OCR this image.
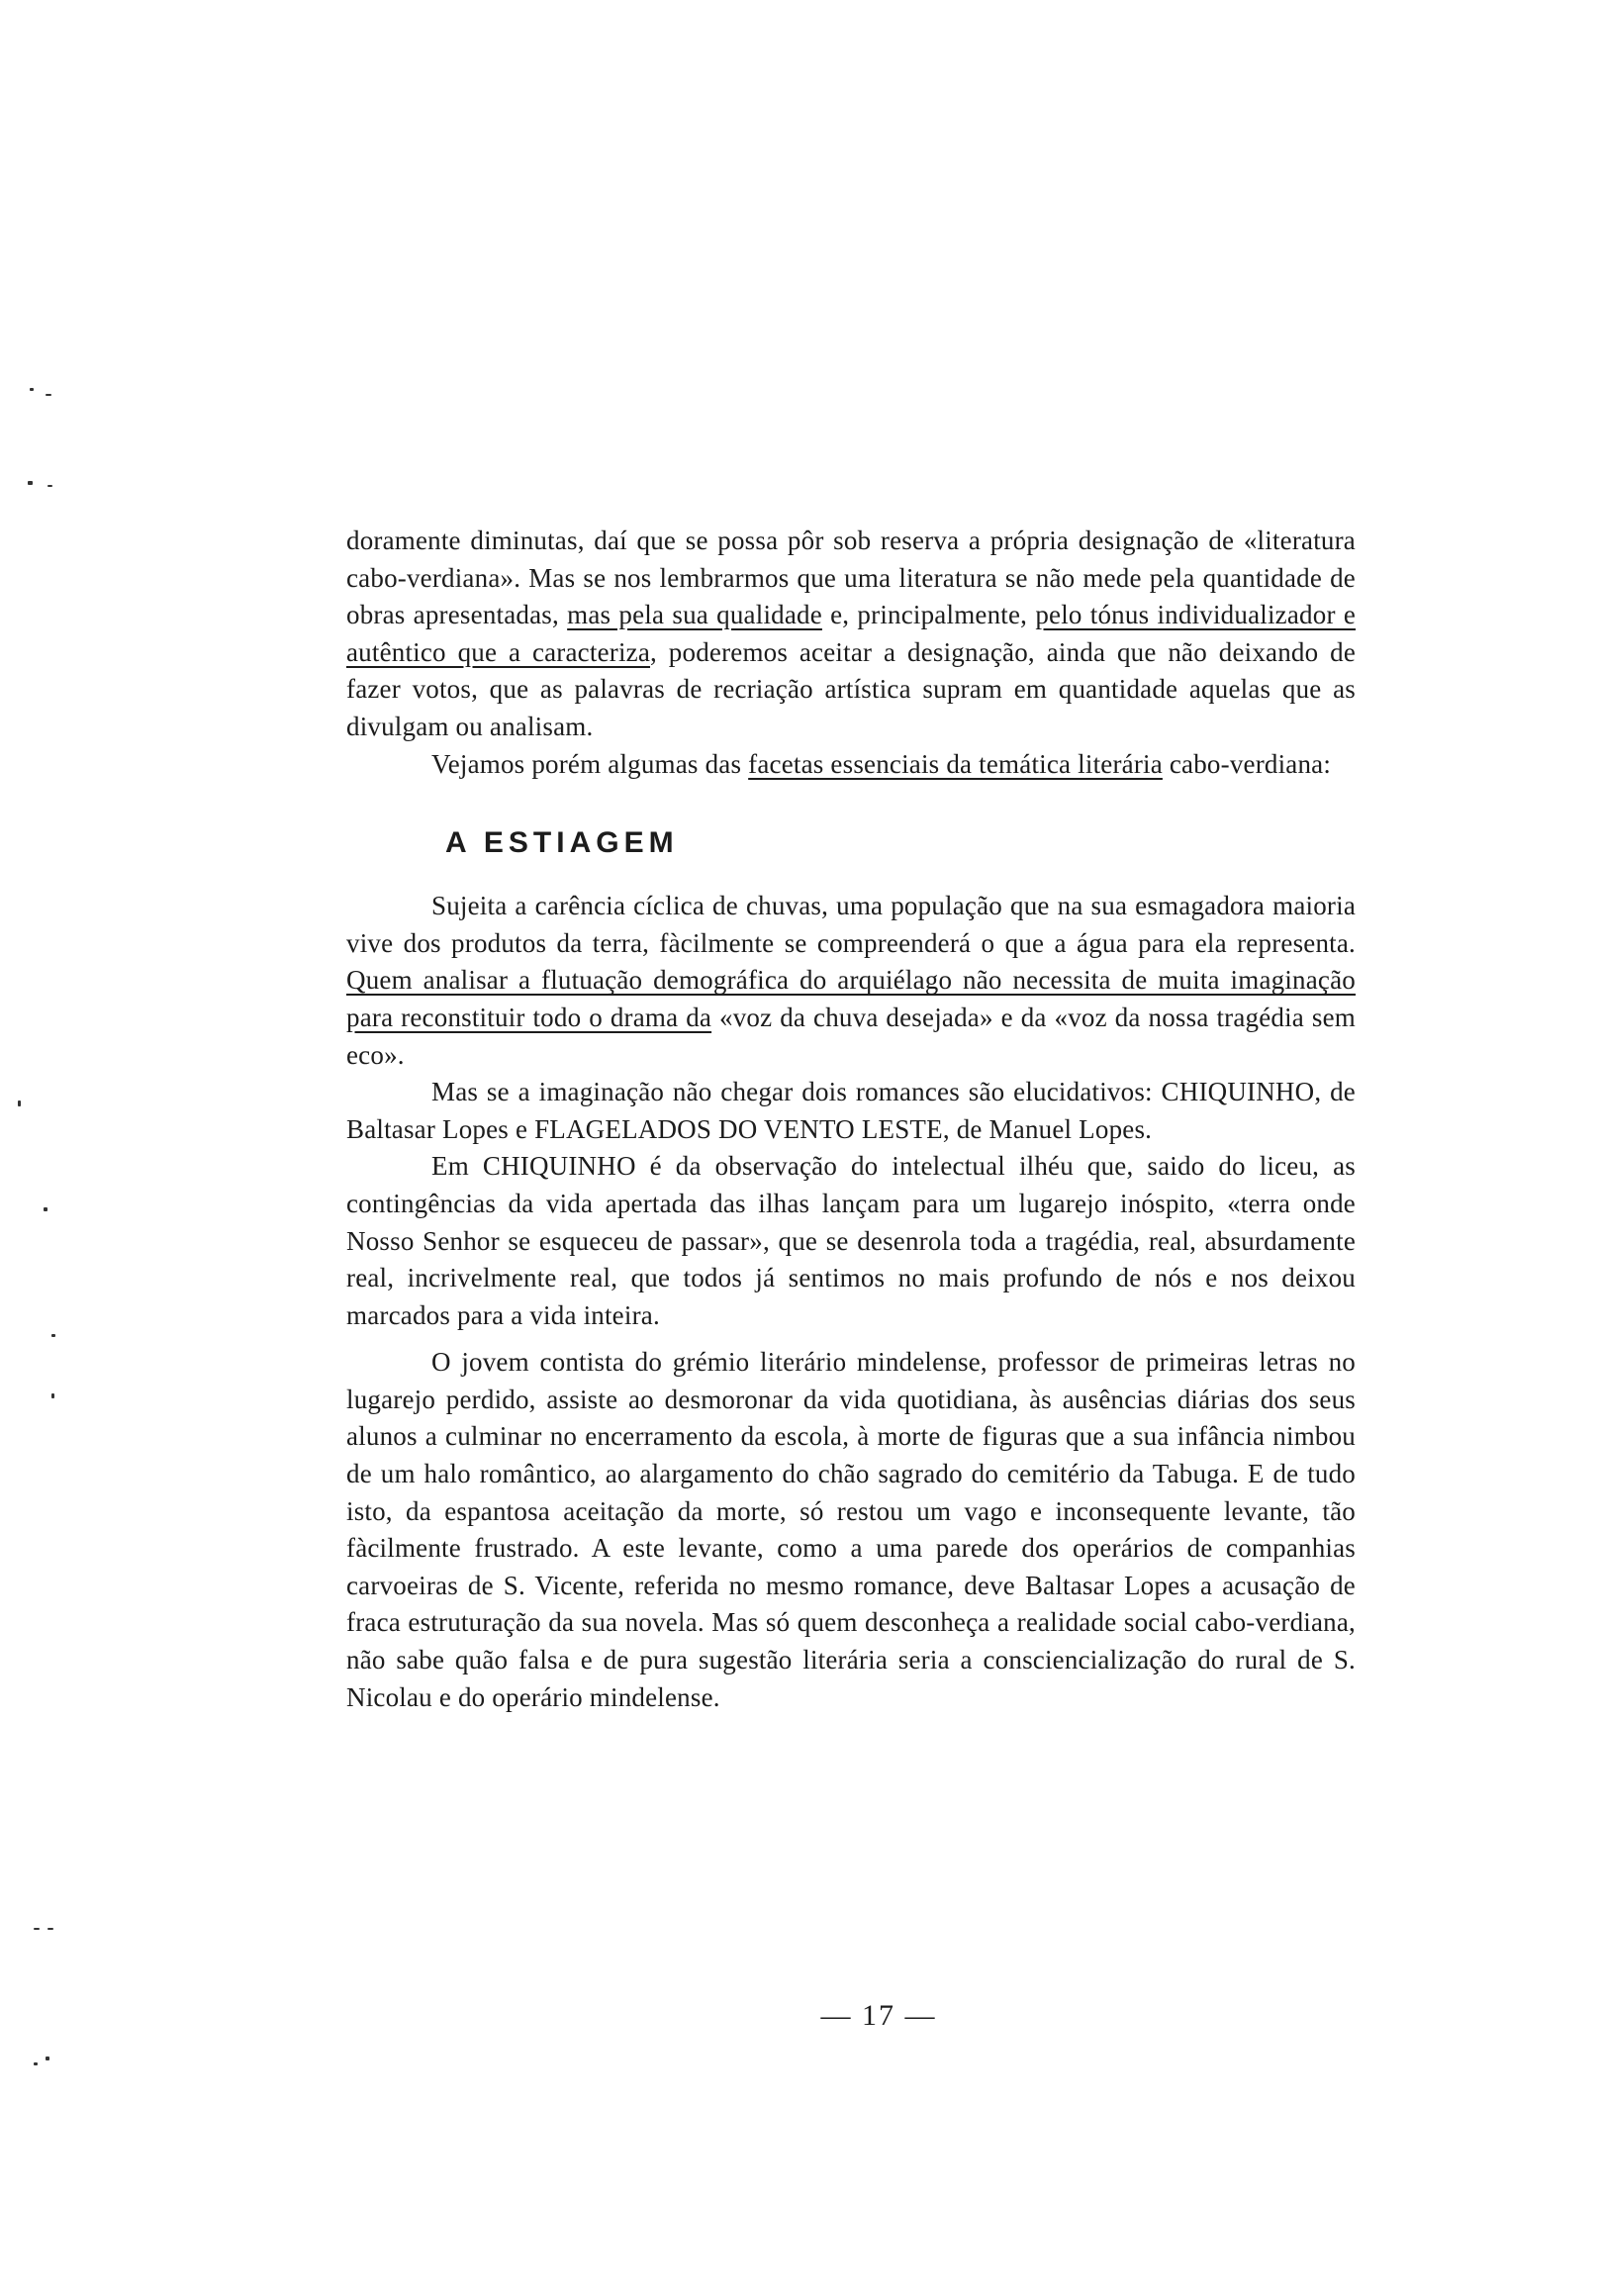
doramente diminutas, daí que se possa pôr sob reserva a própria designação de «literatura cabo-verdiana». Mas se nos lembrarmos que uma literatura se não mede pela quantidade de obras apresentadas, mas pela sua qualidade e, principalmente, pelo tónus individualizador e autêntico que a caracteriza, poderemos aceitar a designação, ainda que não deixando de fazer votos, que as palavras de recriação artística supram em quantidade aquelas que as divulgam ou analisam.

Vejamos porém algumas das facetas essenciais da temática literária cabo-verdiana:

A ESTIAGEM

Sujeita a carência cíclica de chuvas, uma população que na sua esmagadora maioria vive dos produtos da terra, fàcilmente se compreenderá o que a água para ela representa. Quem analisar a flutuação demográfica do arquiélago não necessita de muita imaginação para reconstituir todo o drama da «voz da chuva desejada» e da «voz da nossa tragédia sem eco».

Mas se a imaginação não chegar dois romances são elucidativos: CHIQUINHO, de Baltasar Lopes e FLAGELADOS DO VENTO LESTE, de Manuel Lopes.

Em CHIQUINHO é da observação do intelectual ilhéu que, saido do liceu, as contingências da vida apertada das ilhas lançam para um lugarejo inóspito, «terra onde Nosso Senhor se esqueceu de passar», que se desenrola toda a tragédia, real, absurdamente real, incrivelmente real, que todos já sentimos no mais profundo de nós e nos deixou marcados para a vida inteira.

O jovem contista do grémio literário mindelense, professor de primeiras letras no lugarejo perdido, assiste ao desmoronar da vida quotidiana, às ausências diárias dos seus alunos a culminar no encerramento da escola, à morte de figuras que a sua infância nimbou de um halo romântico, ao alargamento do chão sagrado do cemitério da Tabuga. E de tudo isto, da espantosa aceitação da morte, só restou um vago e inconsequente levante, tão fàcilmente frustrado. A este levante, como a uma parede dos operários de companhias carvoeiras de S. Vicente, referida no mesmo romance, deve Baltasar Lopes a acusação de fraca estruturação da sua novela. Mas só quem desconheça a realidade social cabo-verdiana, não sabe quão falsa e de pura sugestão literária seria a consciencialização do rural de S. Nicolau e do operário mindelense.

— 17 —
